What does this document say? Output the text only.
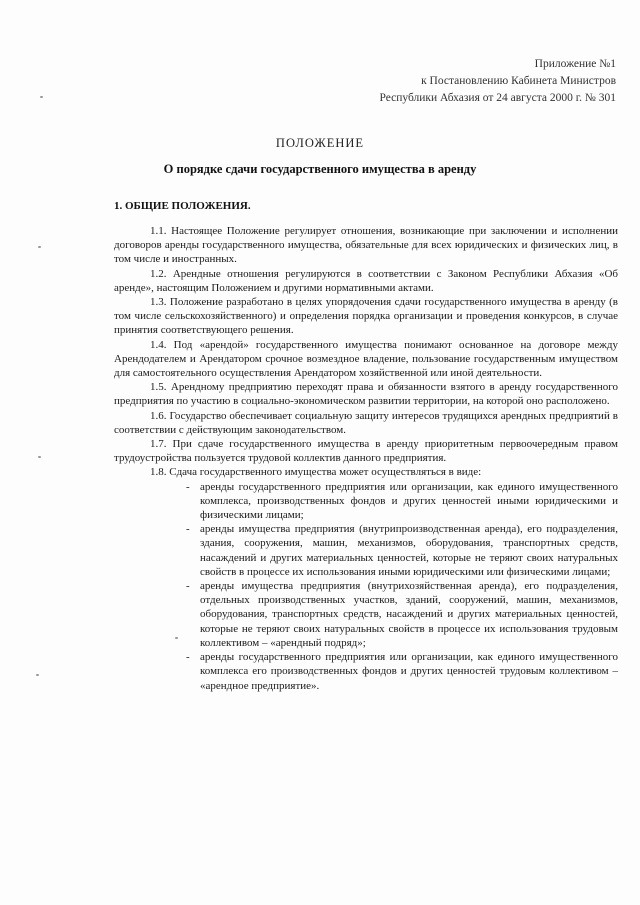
Приложение №1
к Постановлению Кабинета Министров
Республики Абхазия от 24 августа 2000 г. № 301
ПОЛОЖЕНИЕ
О порядке сдачи государственного имущества в аренду
1. ОБЩИЕ ПОЛОЖЕНИЯ.

1.1. Настоящее Положение регулирует отношения, возникающие при заключении и исполнении договоров аренды государственного имущества, обязательные для всех юридических и физических лиц, в том числе и иностранных.

1.2. Арендные отношения регулируются в соответствии с Законом Республики Абхазия «Об аренде», настоящим Положением и другими нормативными актами.

1.3. Положение разработано в целях упорядочения сдачи государственного имущества в аренду (в том числе сельскохозяйственного) и определения порядка организации и проведения конкурсов, в случае принятия соответствующего решения.

1.4. Под «арендой» государственного имущества понимают основанное на договоре между Арендодателем и Арендатором срочное возмездное владение, пользование государственным имуществом для самостоятельного осуществления Арендатором хозяйственной или иной деятельности.

1.5. Арендному предприятию переходят права и обязанности взятого в аренду государственного предприятия по участию в социально-экономическом развитии территории, на которой оно расположено.

1.6. Государство обеспечивает социальную защиту интересов трудящихся арендных предприятий в соответствии с действующим законодательством.

1.7. При сдаче государственного имущества в аренду приоритетным первоочередным правом трудоустройства пользуется трудовой коллектив данного предприятия.

1.8. Сдача государственного имущества может осуществляться в виде:

- аренды государственного предприятия или организации, как единого имущественного комплекса, производственных фондов и других ценностей иными юридическими и физическими лицами;
- аренды имущества предприятия (внутрипроизводственная аренда), его подразделения, здания, сооружения, машин, механизмов, оборудования, транспортных средств, насаждений и других материальных ценностей, которые не теряют своих натуральных свойств в процессе их использования иными юридическими или физическими лицами;
- аренды имущества предприятия (внутрихозяйственная аренда), его подразделения, отдельных производственных участков, зданий, сооружений, машин, механизмов, оборудования, транспортных средств, насаждений и других материальных ценностей, которые не теряют своих натуральных свойств в процессе их использования трудовым коллективом – «арендный подряд»;
- аренды государственного предприятия или организации, как единого имущественного комплекса его производственных фондов и других ценностей трудовым коллективом – «арендное предприятие».
